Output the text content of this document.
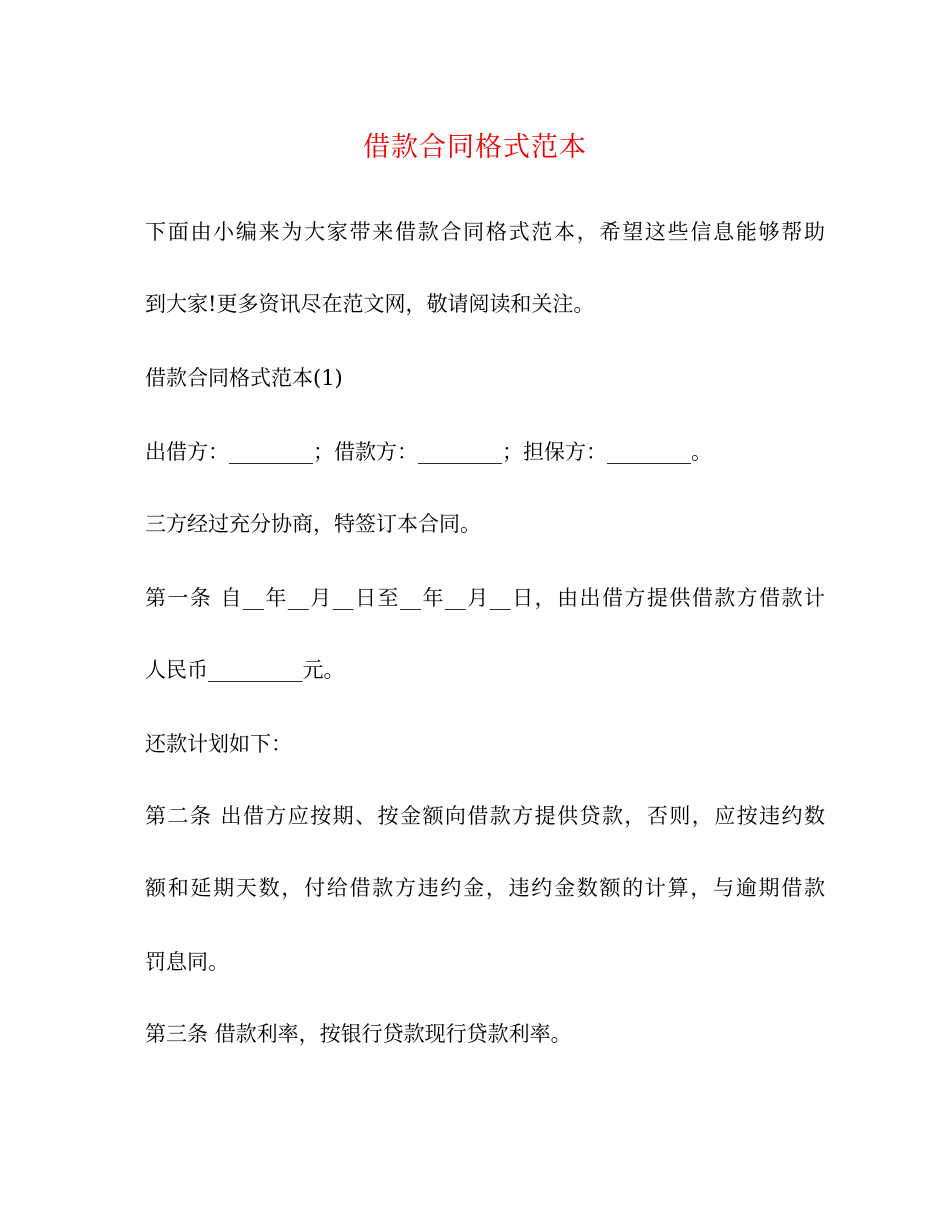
借款合同格式范本
下面由小编来为大家带来借款合同格式范本，希望这些信息能够帮助
到大家!更多资讯尽在范文网，敬请阅读和关注。
借款合同格式范本(1)
出借方：________；借款方：________；担保方：________。
三方经过充分协商，特签订本合同。
第一条 自__年__月__日至__年__月__日，由出借方提供借款方借款计
人民币_________元。
还款计划如下：
第二条 出借方应按期、按金额向借款方提供贷款，否则，应按违约数
额和延期天数，付给借款方违约金，违约金数额的计算，与逾期借款
罚息同。
第三条 借款利率，按银行贷款现行贷款利率。
